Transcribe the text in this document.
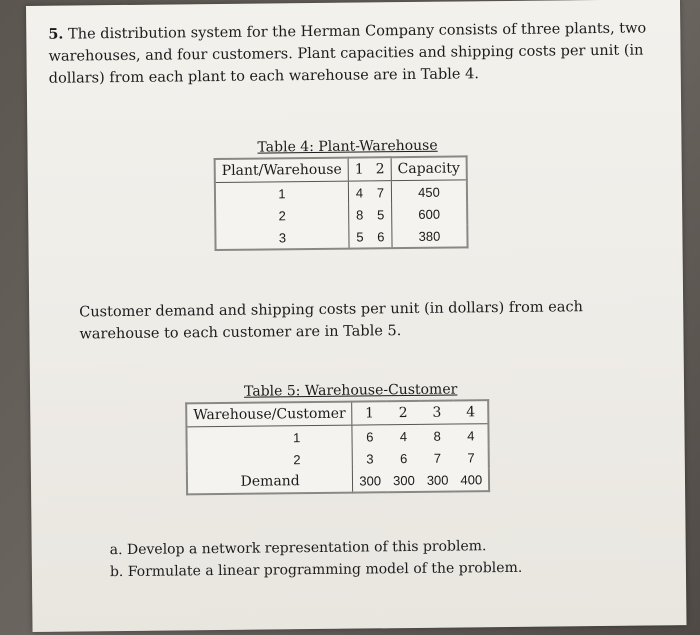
5. The distribution system for the Herman Company consists of three plants, two warehouses, and four customers. Plant capacities and shipping costs per unit (in dollars) from each plant to each warehouse are in Table 4.

Table 4: Plant-Warehouse
Plant/Warehouse	1	2	Capacity
1	4	7	450
2	8	5	600
3	5	6	380

Customer demand and shipping costs per unit (in dollars) from each warehouse to each customer are in Table 5.

Table 5: Warehouse-Customer
Warehouse/Customer	1	2	3	4
1	6	4	8	4
2	3	6	7	7
Demand	300	300	300	400
a. Develop a network representation of this problem.
b. Formulate a linear programming model of the problem.
